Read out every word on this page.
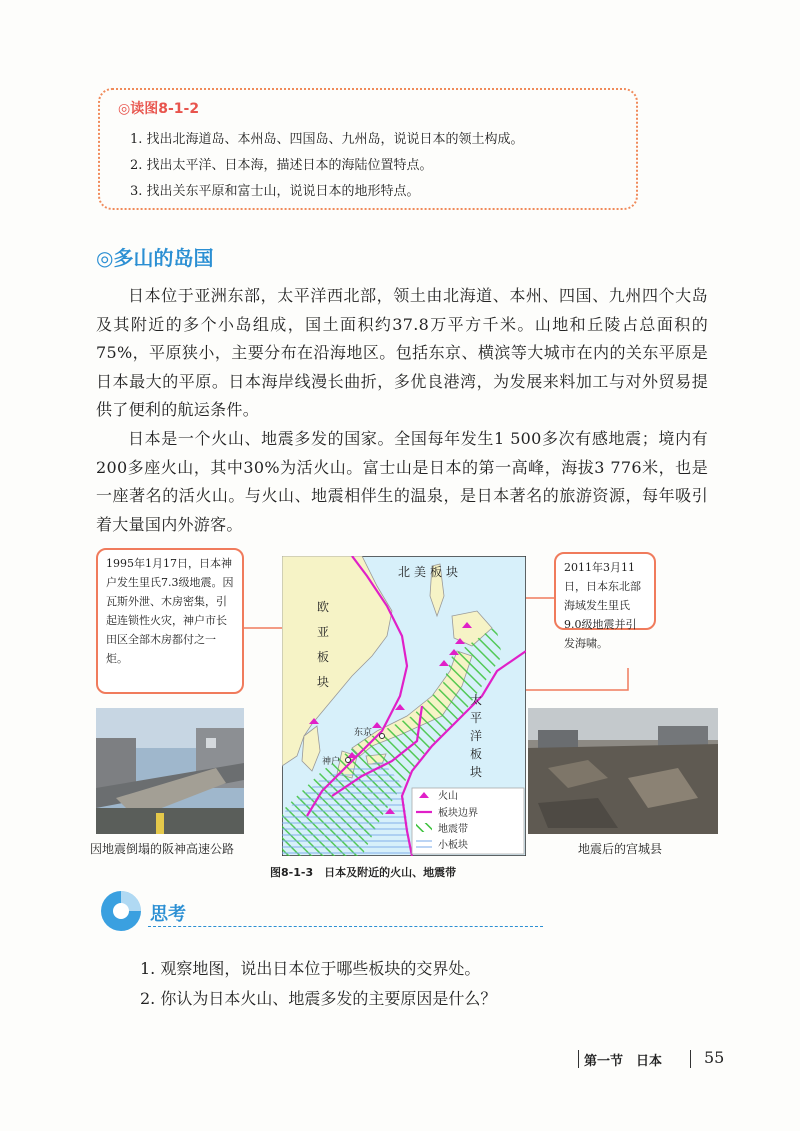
◎读图8-1-2
1. 找出北海道岛、本州岛、四国岛、九州岛，说说日本的领土构成。
2. 找出太平洋、日本海，描述日本的海陆位置特点。
3. 找出关东平原和富士山，说说日本的地形特点。
◎多山的岛国
日本位于亚洲东部，太平洋西北部，领土由北海道、本州、四国、九州四个大岛及其附近的多个小岛组成，国土面积约37.8万平方千米。山地和丘陵占总面积的75%，平原狭小，主要分布在沿海地区。包括东京、横滨等大城市在内的关东平原是日本最大的平原。日本海岸线漫长曲折，多优良港湾，为发展来料加工与对外贸易提供了便利的航运条件。
日本是一个火山、地震多发的国家。全国每年发生1 500多次有感地震；境内有200多座火山，其中30%为活火山。富士山是日本的第一高峰，海拔3 776米，也是一座著名的活火山。与火山、地震相伴生的温泉，是日本著名的旅游资源，每年吸引着大量国内外游客。
1995年1月17日，日本神户发生里氏7.3级地震。因瓦斯外泄、木房密集，引起连锁性火灾，神户市长田区全部木房都付之一炬。
2011年3月11日，日本东北部海域发生里氏9.0级地震并引发海啸。
东京
神户
北美板块
欧
亚
板
块
太
平
洋
板
块
火山
板块边界
地震带
小板块
因地震倒塌的阪神高速公路	地震后的宫城县
图8-1-3　日本及附近的火山、地震带
思考
1. 观察地图，说出日本位于哪些板块的交界处。
2. 你认为日本火山、地震多发的主要原因是什么？
第一节　日本	55
